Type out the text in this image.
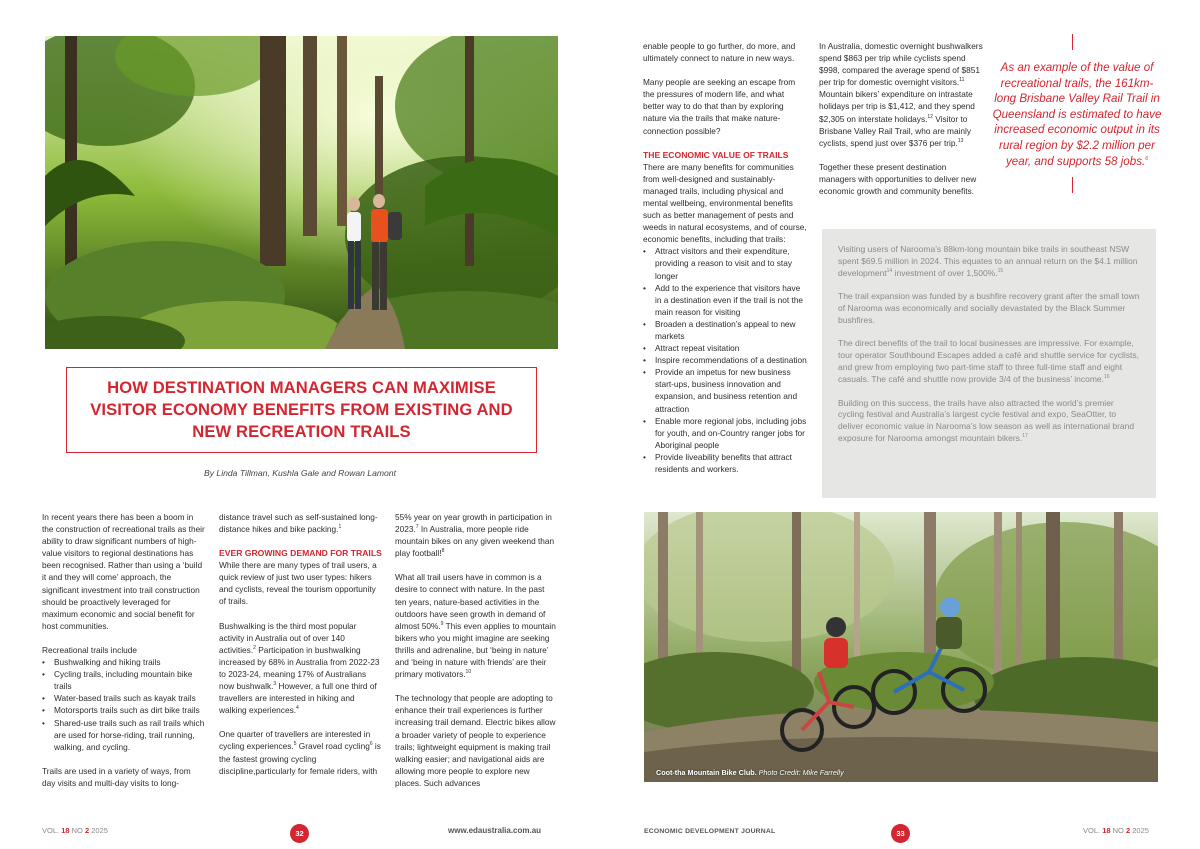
HOW DESTINATION MANAGERS CAN MAXIMISE VISITOR ECONOMY BENEFITS FROM EXISTING AND NEW RECREATION TRAILS
By Linda Tillman, Kushla Gale and Rowan Lamont

In recent years there has been a boom in the construction of recreational trails as their ability to draw significant numbers of high-value visitors to regional destinations has been recognised. Rather than using a ‘build it and they will come’ approach, the significant investment into trail construction should be proactively leveraged for maximum economic and social benefit for host communities.

Recreational trails include

• Bushwalking and hiking trails
• Cycling trails, including mountain bike trails
• Water-based trails such as kayak trails
• Motorsports trails such as dirt bike trails
• Shared-use trails such as rail trails which are used for horse-riding, trail running, walking, and cycling.

Trails are used in a variety of ways, from day visits and multi-day visits to long-

distance travel such as self-sustained long-distance hikes and bike packing.$^1$

EVER GROWING DEMAND FOR TRAILS

While there are many types of trail users, a quick review of just two user types: hikers and cyclists, reveal the tourism opportunity of trails.

Bushwalking is the third most popular activity in Australia out of over 140 activities.$^2$ Participation in bushwalking increased by 68% in Australia from 2022-23 to 2023-24, meaning 17% of Australians now bushwalk.$^3$ However, a full one third of travellers are interested in hiking and walking experiences.$^4$

One quarter of travellers are interested in cycling experiences.$^5$ Gravel road cycling$^6$ is the fastest growing cycling discipline,particularly for female riders, with

55% year on year growth in participation in 2023.$^7$ In Australia, more people ride mountain bikes on any given weekend than play football!$^8$

What all trail users have in common is a desire to connect with nature. In the past ten years, nature-based activities in the outdoors have seen growth in demand of almost 50%.$^9$ This even applies to mountain bikers who you might imagine are seeking thrills and adrenaline, but ‘being in nature’ and ‘being in nature with friends’ are their primary motivators.$^{10}$

The technology that people are adopting to enhance their trail experiences is further increasing trail demand. Electric bikes allow a broader variety of people to experience trails; lightweight equipment is making trail walking easier; and navigational aids are allowing more people to explore new places. Such advances

VOL. 18 NO 2 2025	32	www.edaustralia.com.au

enable people to go further, do more, and ultimately connect to nature in new ways.

Many people are seeking an escape from the pressures of modern life, and what better way to do that than by exploring nature via the trails that make nature-connection possible?

THE ECONOMIC VALUE OF TRAILS

There are many benefits for communities from well-designed and sustainably-managed trails, including physical and mental wellbeing, environmental benefits such as better management of pests and weeds in natural ecosystems, and of course, economic benefits, including that trails:

• Attract visitors and their expenditure, providing a reason to visit and to stay longer
• Add to the experience that visitors have in a destination even if the trail is not the main reason for visiting
• Broaden a destination’s appeal to new markets
• Attract repeat visitation
• Inspire recommendations of a destination
• Provide an impetus for new business start-ups, business innovation and expansion, and business retention and attraction
• Enable more regional jobs, including jobs for youth, and on-Country ranger jobs for Aboriginal people
• Provide liveability benefits that attract residents and workers.

In Australia, domestic overnight bushwalkers spend $863 per trip while cyclists spend $998, compared the average spend of $851 per trip for domestic overnight visitors.$^{11}$ Mountain bikers’ expenditure on intrastate holidays per trip is $1,412, and they spend $2,305 on interstate holidays.$^{12}$ Visitor to Brisbane Valley Rail Trail, who are mainly cyclists, spend just over $376 per trip.$^{13}$

Together these present destination managers with opportunities to deliver new economic growth and community benefits.

As an example of the value of recreational trails, the 161km-long Brisbane Valley Rail Trail in Queensland is estimated to have increased economic output in its rural region by $2.2 million per year, and supports 58 jobs.$^6$

Visiting users of Narooma’s 88km-long mountain bike trails in southeast NSW spent $69.5 million in 2024. This equates to an annual return on the $4.1 million development$^{14}$ investment of over 1,500%.$^{15}$

The trail expansion was funded by a bushfire recovery grant after the small town of Narooma was economically and socially devastated by the Black Summer bushfires.

The direct benefits of the trail to local businesses are impressive. For example, tour operator Southbound Escapes added a café and shuttle service for cyclists, and grew from employing two part-time staff to three full-time staff and eight casuals. The café and shuttle now provide 3/4 of the business’ income.$^{16}$

Building on this success, the trails have also attracted the world’s premier cycling festival and Australia’s largest cycle festival and expo, SeaOtter, to deliver economic value in Narooma’s low season as well as international brand exposure for Narooma amongst mountain bikers.$^{17}$

Coot-tha Mountain Bike Club. Photo Credit: Mike Farrelly
ECONOMIC DEVELOPMENT JOURNAL	33	VOL. 18 NO 2 2025
